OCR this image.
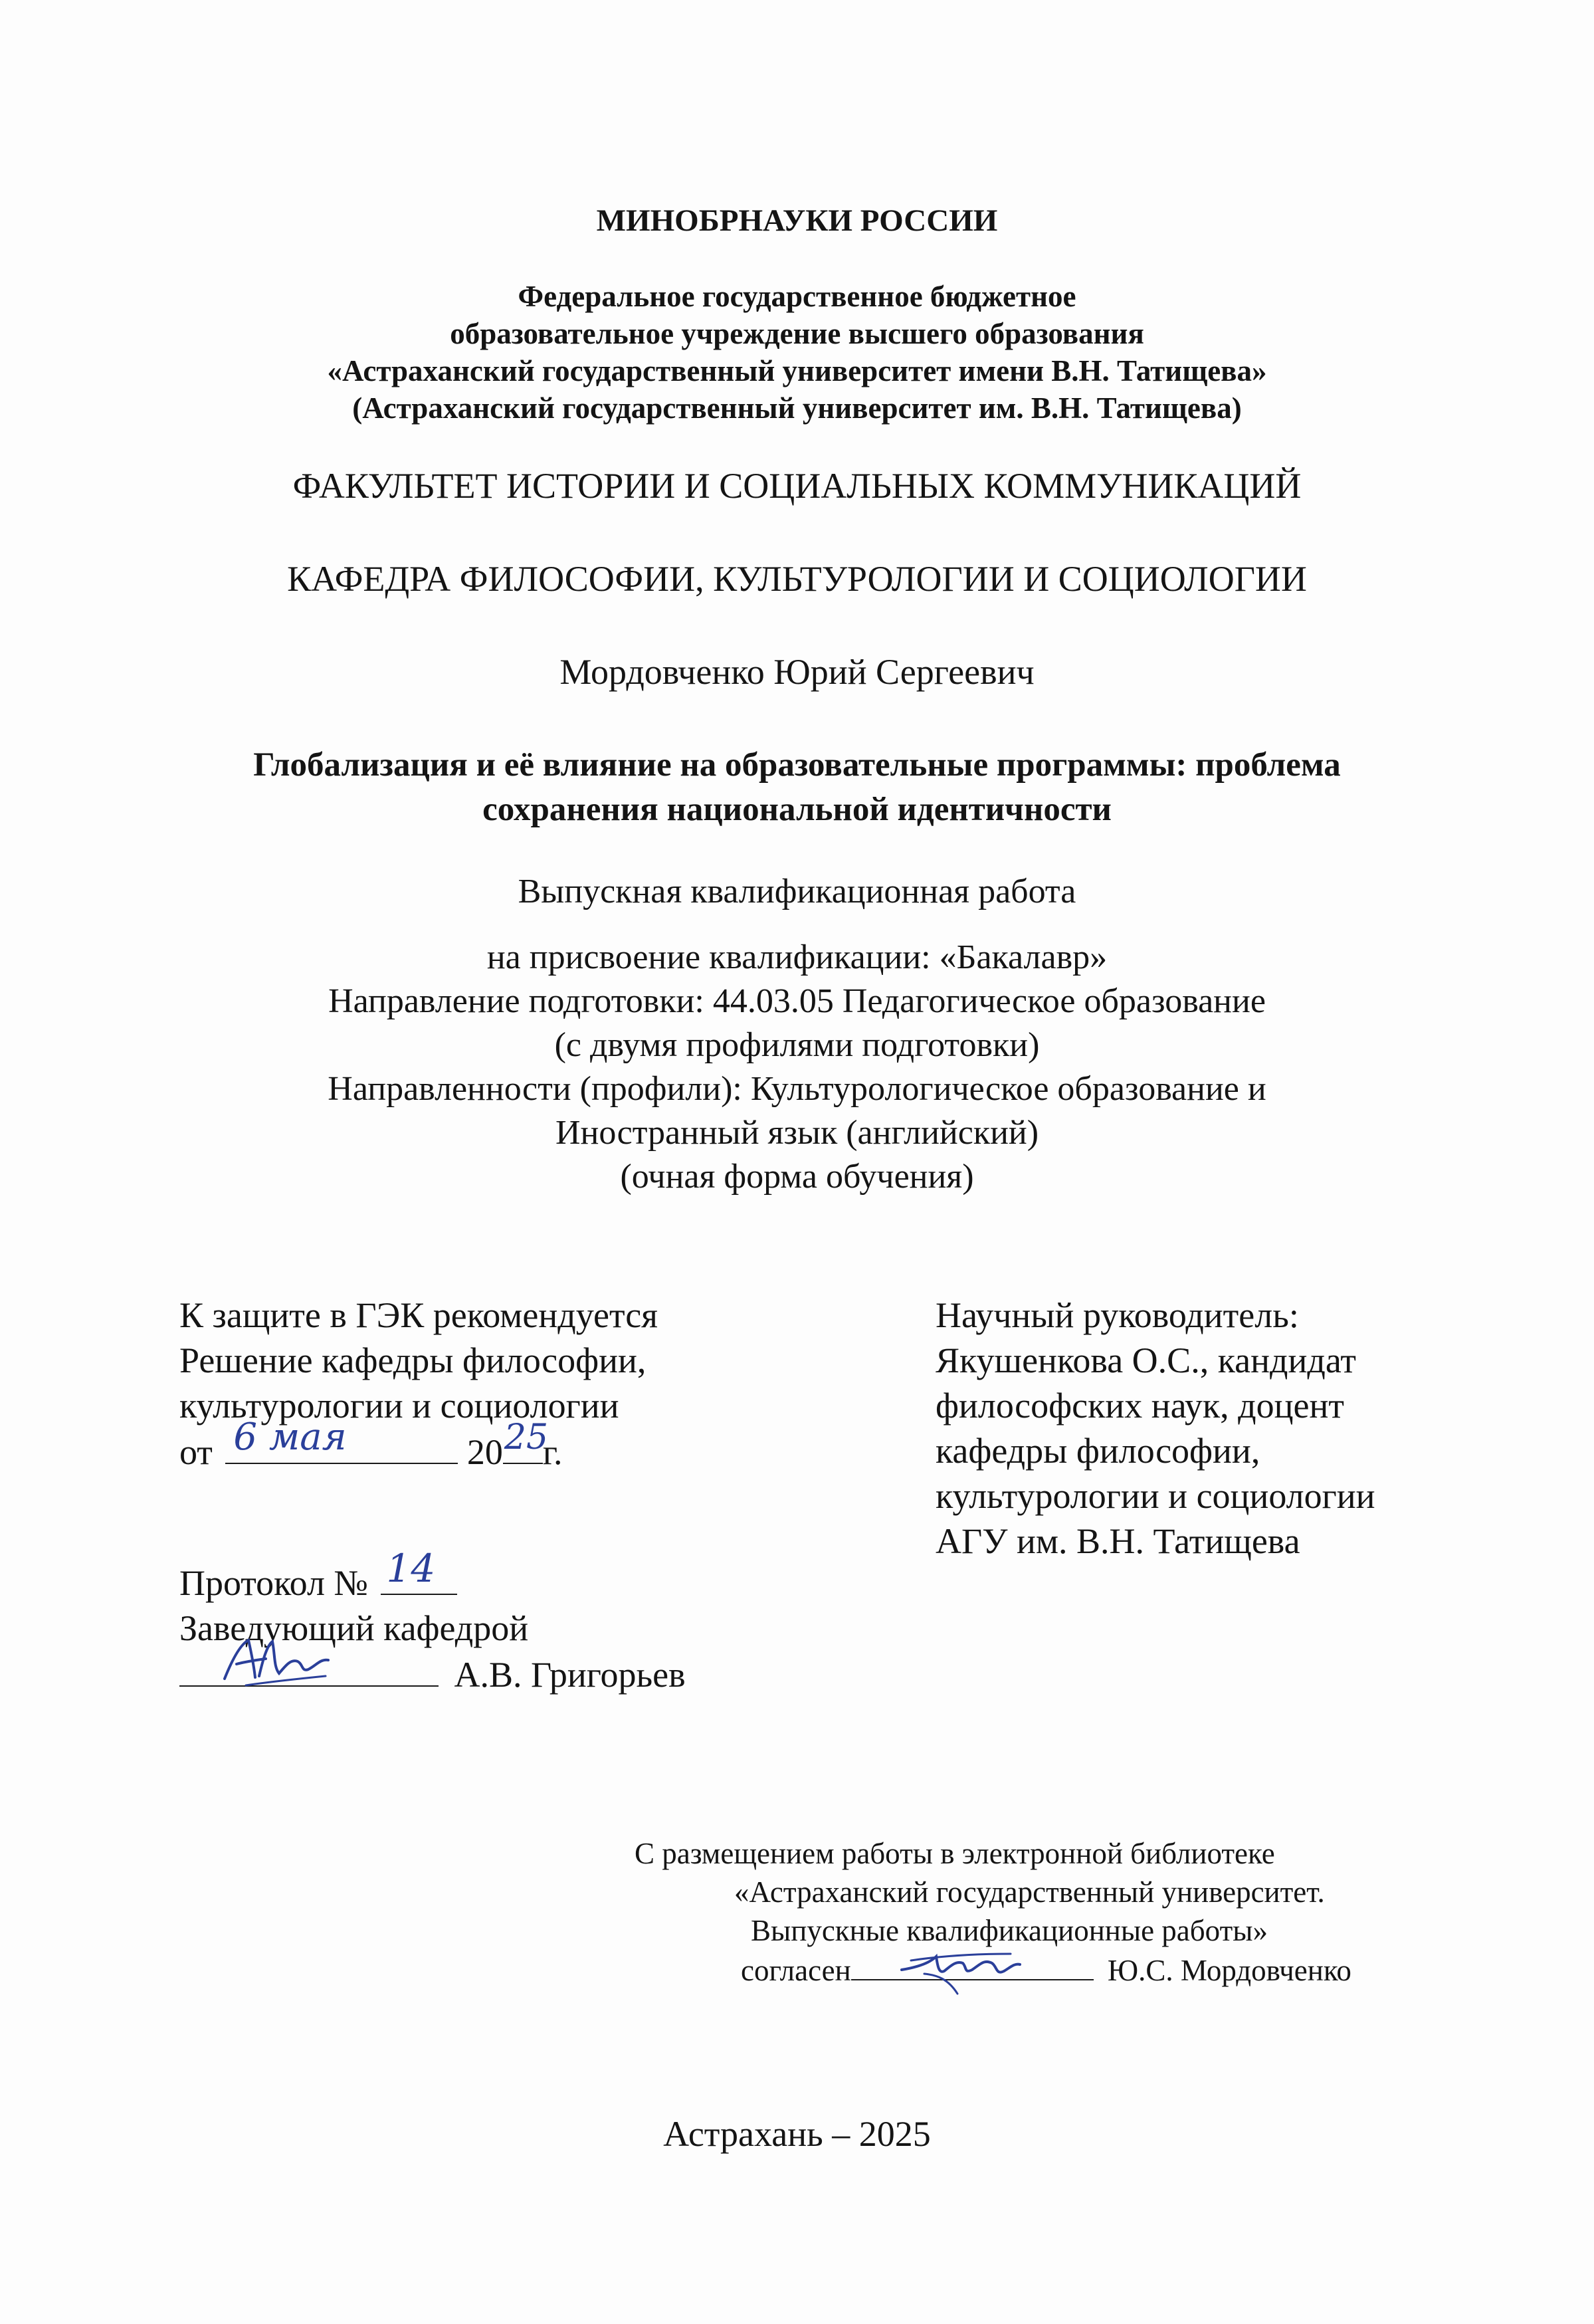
МИНОБРНАУКИ РОССИИ
Федеральное государственное бюджетное
образовательное учреждение высшего образования
«Астраханский государственный университет имени В.Н. Татищева»
(Астраханский государственный университет им. В.Н. Татищева)
ФАКУЛЬТЕТ ИСТОРИИ И СОЦИАЛЬНЫХ КОММУНИКАЦИЙ
КАФЕДРА ФИЛОСОФИИ, КУЛЬТУРОЛОГИИ И СОЦИОЛОГИИ
Мордовченко Юрий Сергеевич
Глобализация и её влияние на образовательные программы: проблема
сохранения национальной идентичности
Выпускная квалификационная работа
на присвоение квалификации: «Бакалавр»
Направление подготовки: 44.03.05 Педагогическое образование
(с двумя профилями подготовки)
Направленности (профили): Культурологическое образование и
Иностранный язык (английский)
(очная форма обучения)
К защите в ГЭК рекомендуется
Решение кафедры философии,
культурологии и социологии
от 6 мая	20 25
г.
Научный руководитель:
Якушенкова О.С., кандидат
философских наук, доцент
кафедры философии,
культурологии и социологии
АГУ им. В.Н. Татищева
Протокол № 14
Заведующий кафедрой
А.В. Григорьев
С размещением работы в электронной библиотеке
«Астраханский государственный университет.
Выпускные квалификационные работы»
согласен	Ю.С. Мордовченко
Астрахань – 2025
